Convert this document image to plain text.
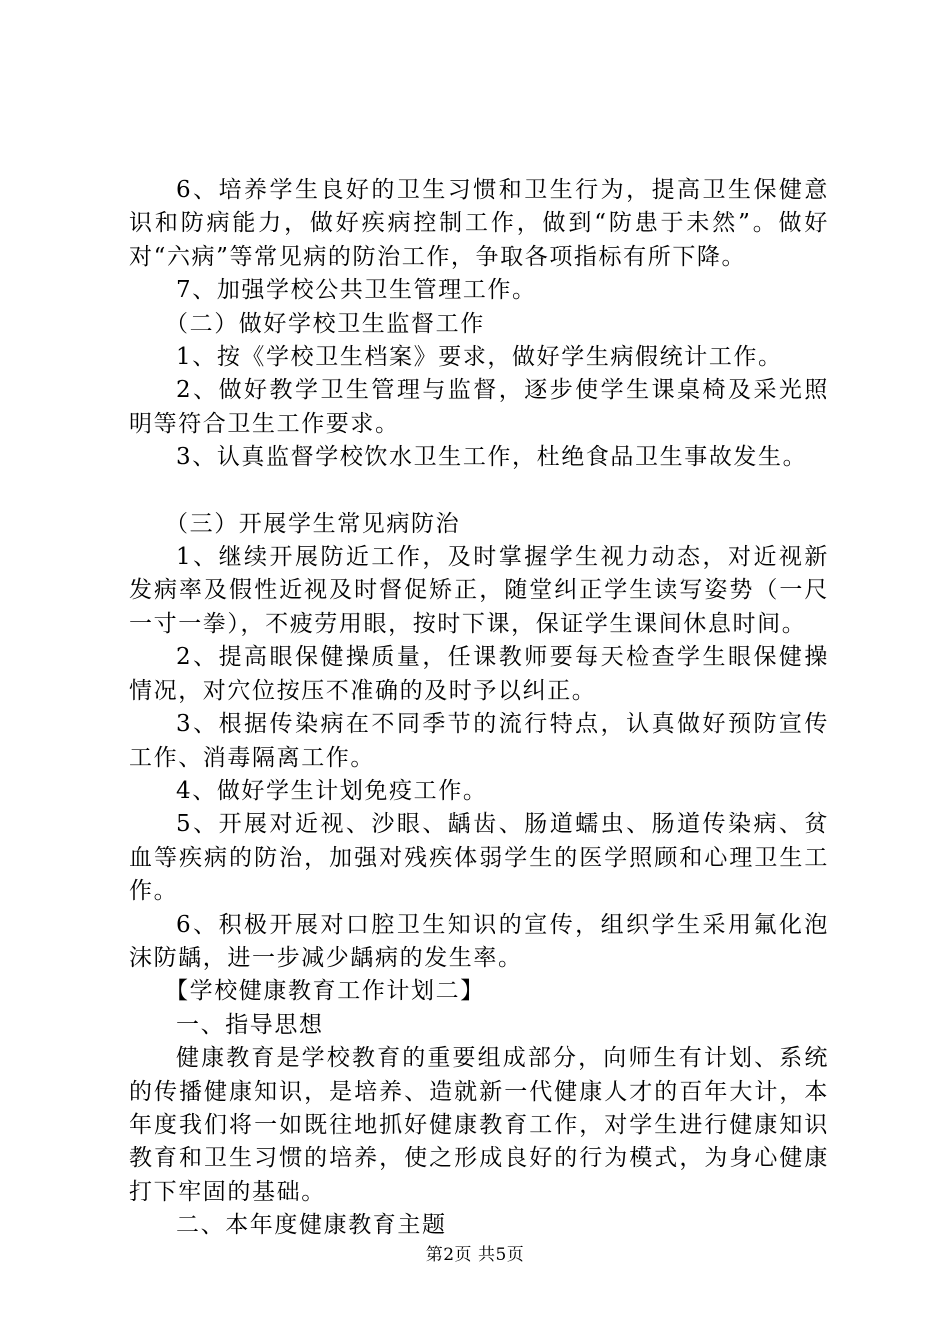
6、培养学生良好的卫生习惯和卫生行为，提高卫生保健意识和防病能力，做好疾病控制工作，做到“防患于未然”。做好对“六病”等常见病的防治工作，争取各项指标有所下降。

7、加强学校公共卫生管理工作。

（二）做好学校卫生监督工作

1、按《学校卫生档案》要求，做好学生病假统计工作。

2、做好教学卫生管理与监督，逐步使学生课桌椅及采光照明等符合卫生工作要求。

3、认真监督学校饮水卫生工作，杜绝食品卫生事故发生。

（三）开展学生常见病防治

1、继续开展防近工作，及时掌握学生视力动态，对近视新发病率及假性近视及时督促矫正，随堂纠正学生读写姿势（一尺一寸一拳），不疲劳用眼，按时下课，保证学生课间休息时间。

2、提高眼保健操质量，任课教师要每天检查学生眼保健操情况，对穴位按压不准确的及时予以纠正。

3、根据传染病在不同季节的流行特点，认真做好预防宣传工作、消毒隔离工作。

4、做好学生计划免疫工作。

5、开展对近视、沙眼、龋齿、肠道蠕虫、肠道传染病、贫血等疾病的防治，加强对残疾体弱学生的医学照顾和心理卫生工作。

6、积极开展对口腔卫生知识的宣传，组织学生采用氟化泡沫防龋，进一步减少龋病的发生率。

【学校健康教育工作计划二】

一、指导思想

健康教育是学校教育的重要组成部分，向师生有计划、系统的传播健康知识，是培养、造就新一代健康人才的百年大计，本年度我们将一如既往地抓好健康教育工作，对学生进行健康知识教育和卫生习惯的培养，使之形成良好的行为模式，为身心健康打下牢固的基础。

二、本年度健康教育主题

第2页 共5页
